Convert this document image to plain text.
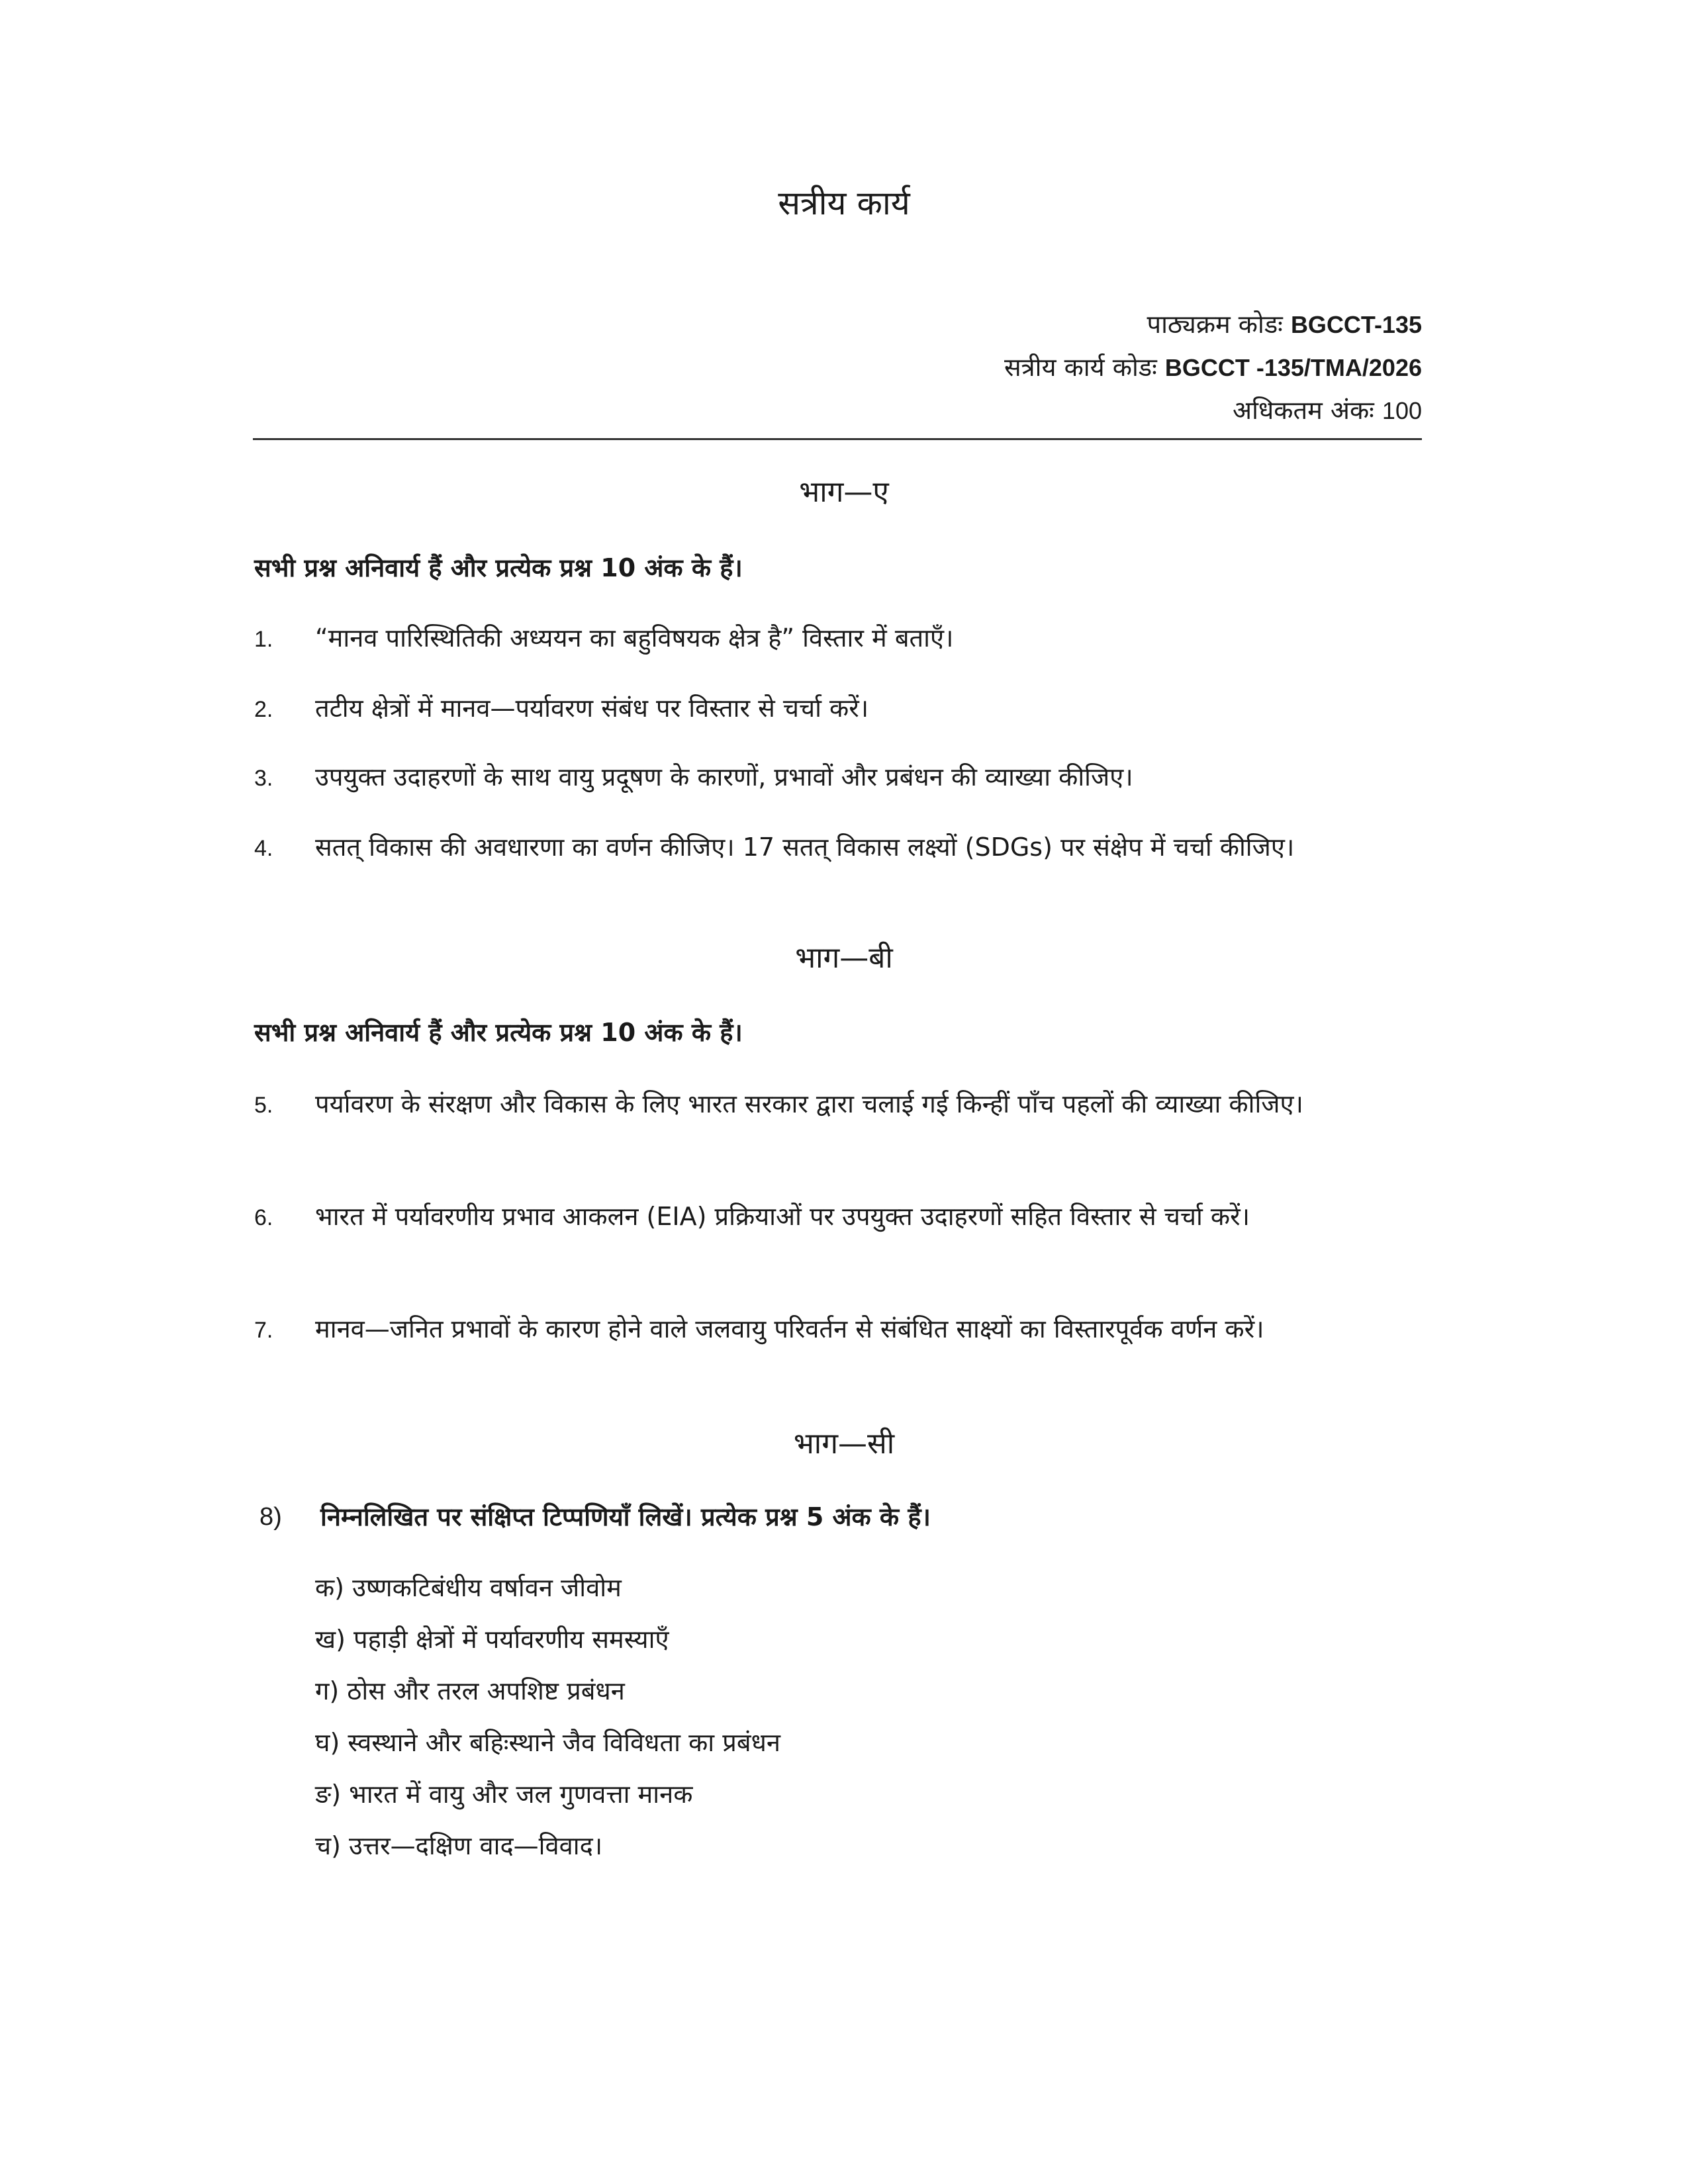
सत्रीय कार्य
पाठ्यक्रम कोडः BGCCT-135
सत्रीय कार्य कोडः BGCCT -135/TMA/2026
अधिकतम अंकः 100
भाग—ए
सभी प्रश्न अनिवार्य हैं और प्रत्येक प्रश्न 10 अंक के हैं।
1. “मानव पारिस्थितिकी अध्ययन का बहुविषयक क्षेत्र है” विस्तार में बताएँ।
2. तटीय क्षेत्रों में मानव—पर्यावरण संबंध पर विस्तार से चर्चा करें।
3. उपयुक्त उदाहरणों के साथ वायु प्रदूषण के कारणों, प्रभावों और प्रबंधन की व्याख्या कीजिए।
4. सतत् विकास की अवधारणा का वर्णन कीजिए। 17 सतत् विकास लक्ष्यों (SDGs) पर संक्षेप में चर्चा कीजिए।
भाग—बी
सभी प्रश्न अनिवार्य हैं और प्रत्येक प्रश्न 10 अंक के हैं।
5. पर्यावरण के संरक्षण और विकास के लिए भारत सरकार द्वारा चलाई गई किन्हीं पाँच पहलों की व्याख्या कीजिए।
6. भारत में पर्यावरणीय प्रभाव आकलन (EIA) प्रक्रियाओं पर उपयुक्त उदाहरणों सहित विस्तार से चर्चा करें।
7. मानव—जनित प्रभावों के कारण होने वाले जलवायु परिवर्तन से संबंधित साक्ष्यों का विस्तारपूर्वक वर्णन करें।
भाग—सी
8) निम्नलिखित पर संक्षिप्त टिप्पणियाँ लिखें। प्रत्येक प्रश्न 5 अंक के हैं।
क) उष्णकटिबंधीय वर्षावन जीवोम
ख) पहाड़ी क्षेत्रों में पर्यावरणीय समस्याएँ
ग) ठोस और तरल अपशिष्ट प्रबंधन
घ) स्वस्थाने और बहिःस्थाने जैव विविधता का प्रबंधन
ङ) भारत में वायु और जल गुणवत्ता मानक
च) उत्तर—दक्षिण वाद—विवाद।
